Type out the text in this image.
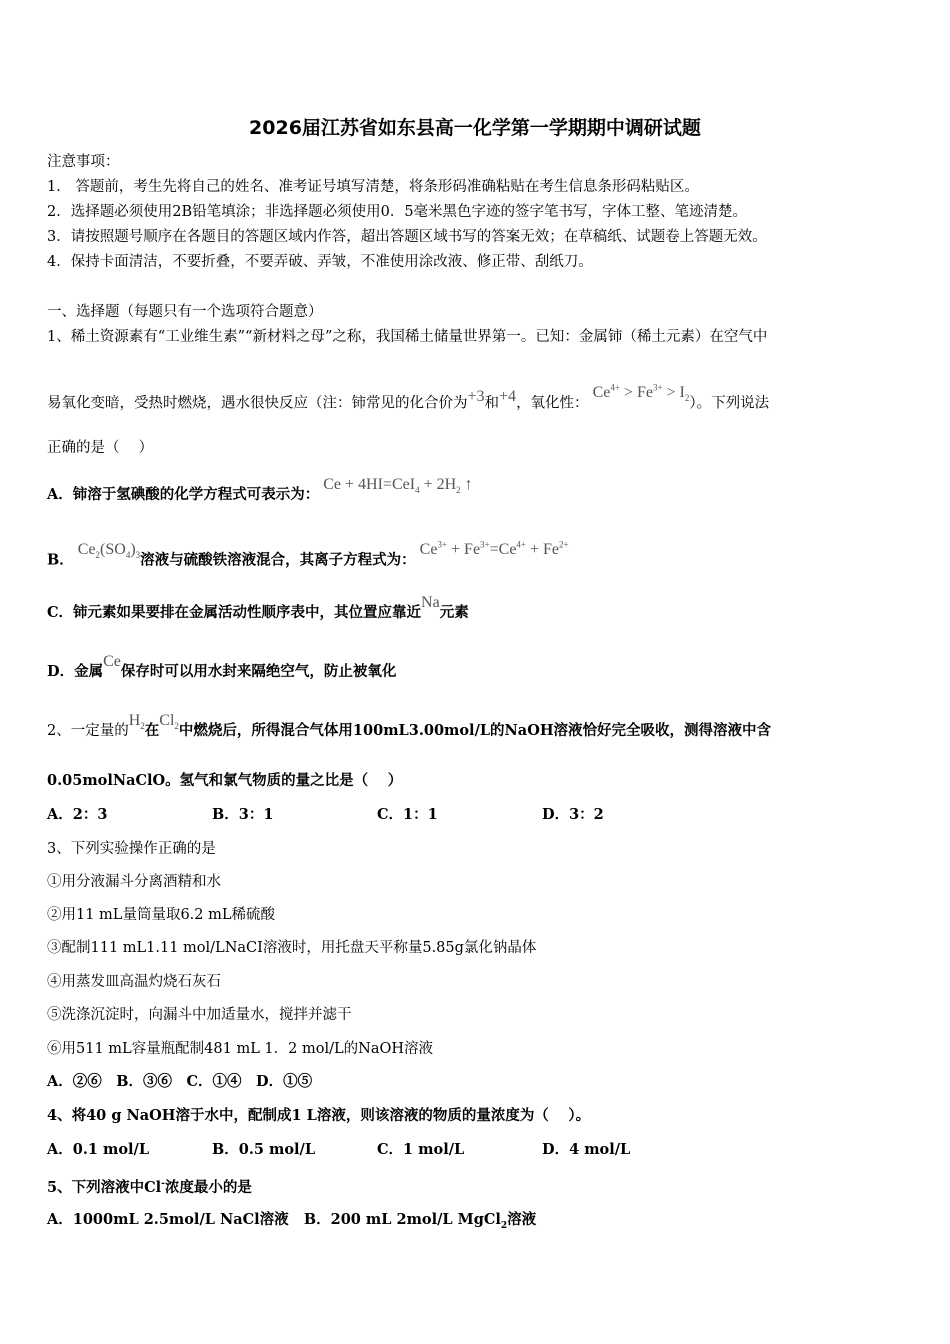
2026届江苏省如东县高一化学第一学期期中调研试题
注意事项：
1． 答题前，考生先将自己的姓名、准考证号填写清楚，将条形码准确粘贴在考生信息条形码粘贴区。
2．选择题必须使用2B铅笔填涂；非选择题必须使用0．5毫米黑色字迹的签字笔书写，字体工整、笔迹清楚。
3．请按照题号顺序在各题目的答题区域内作答，超出答题区域书写的答案无效；在草稿纸、试题卷上答题无效。
4．保持卡面清洁，不要折叠，不要弄破、弄皱，不准使用涂改液、修正带、刮纸刀。
一、选择题（每题只有一个选项符合题意）
1、稀土资源素有“工业维生素”“新材料之母”之称，我国稀土储量世界第一。已知：金属铈（稀土元素）在空气中
易氧化变暗，受热时燃烧，遇水很快反应（注：铈常见的化合价为+3和+4，氧化性： $Ce^{4+} > Fe^{3+} > I_2$）。下列说法
正确的是（　 ）
A．铈溶于氢碘酸的化学方程式可表示为： $Ce + 4HI=CeI_4 + 2H_2$ ↑
B． $Ce_2(SO_4)_3$溶液与硫酸铁溶液混合，其离子方程式为： $Ce^{3+} + Fe^{3+}=Ce^{4+} + Fe^{2+}$
C．铈元素如果要排在金属活动性顺序表中，其位置应靠近Na元素
D．金属Ce保存时可以用水封来隔绝空气，防止被氧化
2、一定量的$H_2$在$Cl_2$中燃烧后，所得混合气体用100mL3.00mol/L的NaOH溶液恰好完全吸收，测得溶液中含
0.05molNaClO。氢气和氯气物质的量之比是（　 ）
A．2：3	B．3：1	C．1：1	D．3：2
3、下列实验操作正确的是
①用分液漏斗分离酒精和水
②用11 mL量筒量取6.2 mL稀硫酸
③配制111 mL1.11 mol/LNaCI溶液时，用托盘天平称量5.85g氯化钠晶体
④用蒸发皿高温灼烧石灰石
⑤洗涤沉淀时，向漏斗中加适量水，搅拌并滤干
⑥用511 mL容量瓶配制481 mL 1．2 mol/L的NaOH溶液
A．②⑥　B．③⑥　C．①④　D．①⑤
4、将40 g NaOH溶于水中，配制成1 L溶液，则该溶液的物质的量浓度为（　 ）。
A．0.1 mol/L	B．0.5 mol/L	C．1 mol/L	D．4 mol/L
5、下列溶液中Cl-浓度最小的是
A．1000mL 2.5mol/L NaCl溶液 B．200 mL 2mol/L MgCl$_2$溶液
